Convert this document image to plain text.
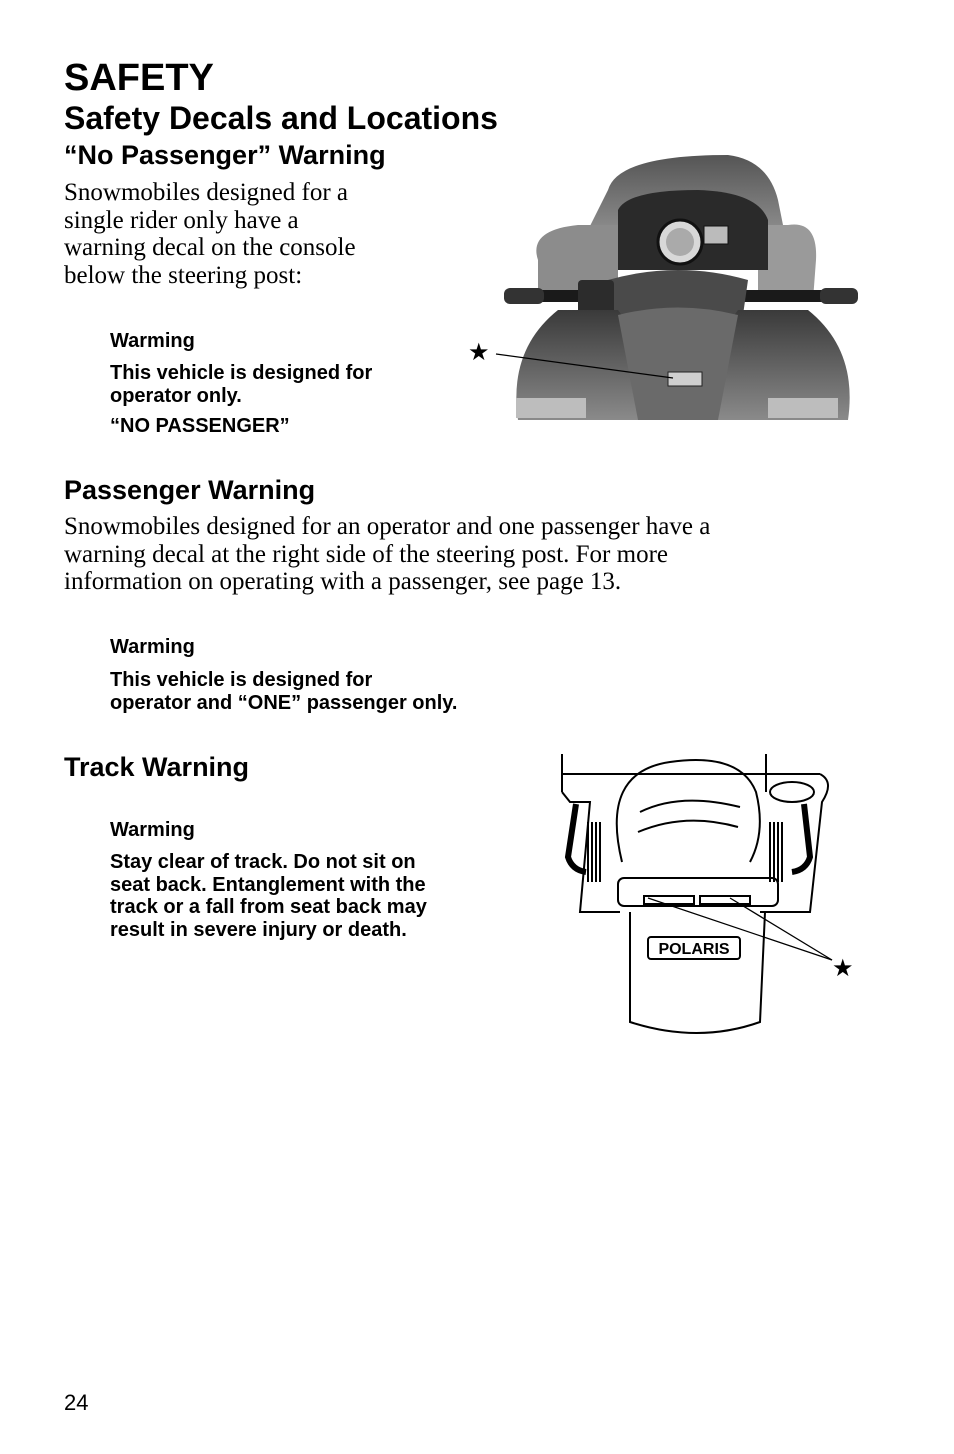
SAFETY
Safety Decals and Locations
“No Passenger” Warning
Snowmobiles designed for a
single rider only have a
warning decal on the console
below the steering post:
Warming
This vehicle is designed for
operator only.
“NO PASSENGER”
★
Passenger Warning
Snowmobiles designed for an operator and one passenger have a
warning decal at the right side of the steering post. For more
information on operating with a passenger, see page 13.
Warming
This vehicle is designed for
operator and “ONE” passenger only.
Track Warning
Warming
Stay clear of track. Do not sit on
seat back. Entanglement with the
track or a fall from seat back may
result in severe injury or death.
POLARIS
★
24
